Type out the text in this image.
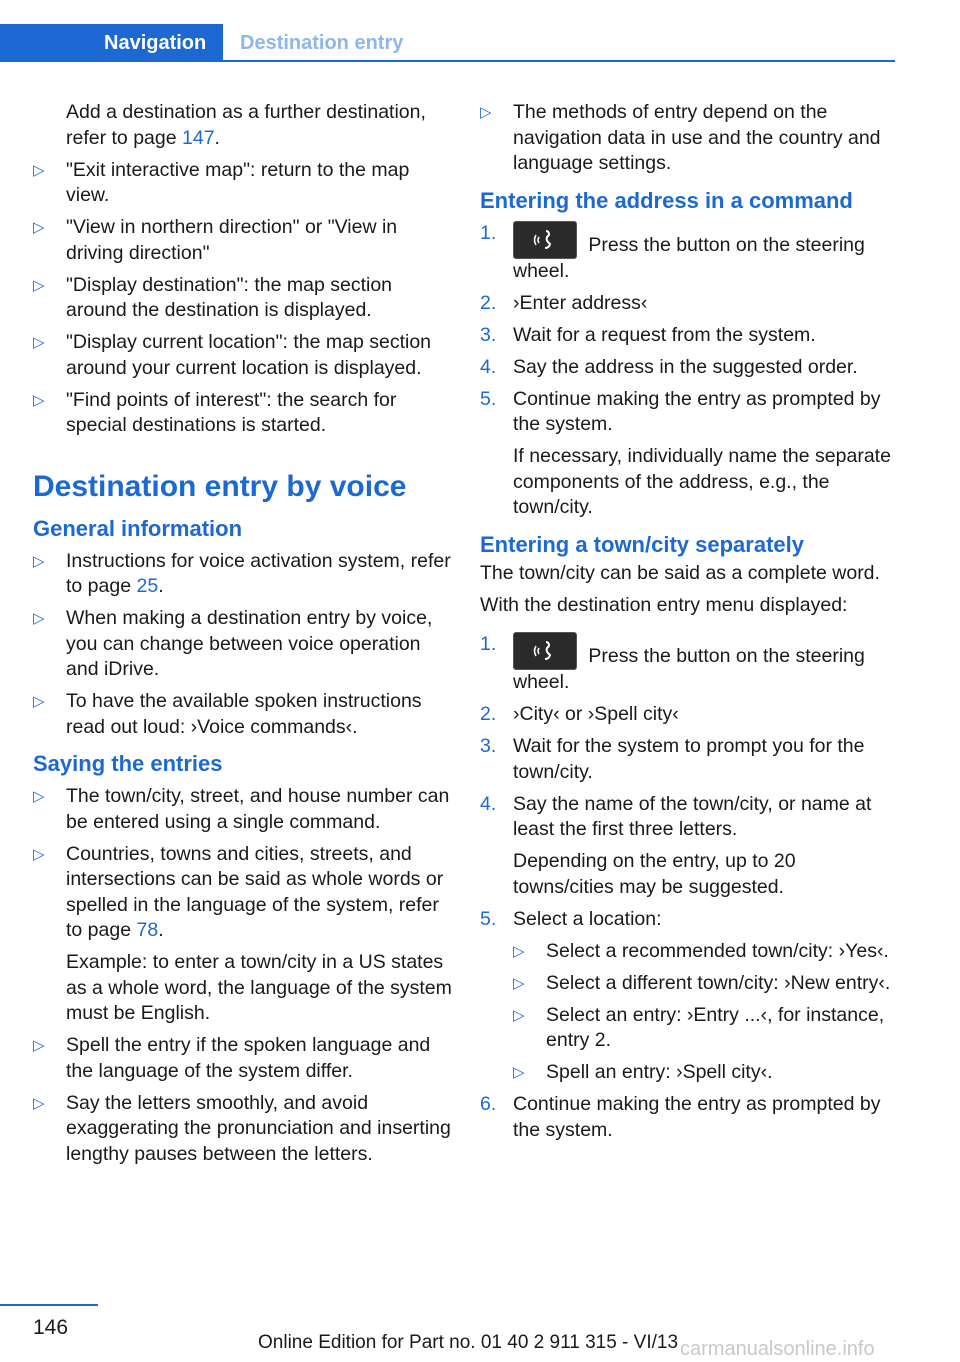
Navigation	Destination entry

Add a destination as a further destination, refer to page 147.

▷ "Exit interactive map": return to the map view.
▷ "View in northern direction" or "View in driving direction"
▷ "Display destination": the map section around the destination is displayed.
▷ "Display current location": the map section around your current location is displayed.
▷ "Find points of interest": the search for special destinations is started.
Destination entry by voice
General information
▷ Instructions for voice activation system, refer to page 25.
▷ When making a destination entry by voice, you can change between voice operation and iDrive.
▷ To have the available spoken instructions read out loud: ›Voice commands‹.
Saying the entries
▷ The town/city, street, and house number can be entered using a single command.
▷ Countries, towns and cities, streets, and intersections can be said as whole words or spelled in the language of the system, refer to page 78.

Example: to enter a town/city in a US states as a whole word, the language of the system must be English.

▷ Spell the entry if the spoken language and the language of the system differ.
▷ Say the letters smoothly, and avoid exaggerating the pronunciation and inserting lengthy pauses between the letters.
▷ The methods of entry depend on the navigation data in use and the country and language settings.
Entering the address in a command
1.
Press the button on the steering wheel.
2. ›Enter address‹
3. Wait for a request from the system.
4. Say the address in the suggested order.
5. Continue making the entry as prompted by the system.

If necessary, individually name the separate components of the address, e.g., the town/city.

Entering a town/city separately

The town/city can be said as a complete word.

With the destination entry menu displayed:

1.
Press the button on the steering wheel.
2. ›City‹ or ›Spell city‹
3. Wait for the system to prompt you for the town/city.
4. Say the name of the town/city, or name at least the first three letters.

Depending on the entry, up to 20 towns/cities may be suggested.

5. Select a location:
▷ Select a recommended town/city: ›Yes‹.
▷ Select a different town/city: ›New entry‹.
▷ Select an entry: ›Entry ...‹, for instance, entry 2.
▷ Spell an entry: ›Spell city‹.
6. Continue making the entry as prompted by the system.
146
Online Edition for Part no. 01 40 2 911 315 - VI/13 carmanualsonline.info
